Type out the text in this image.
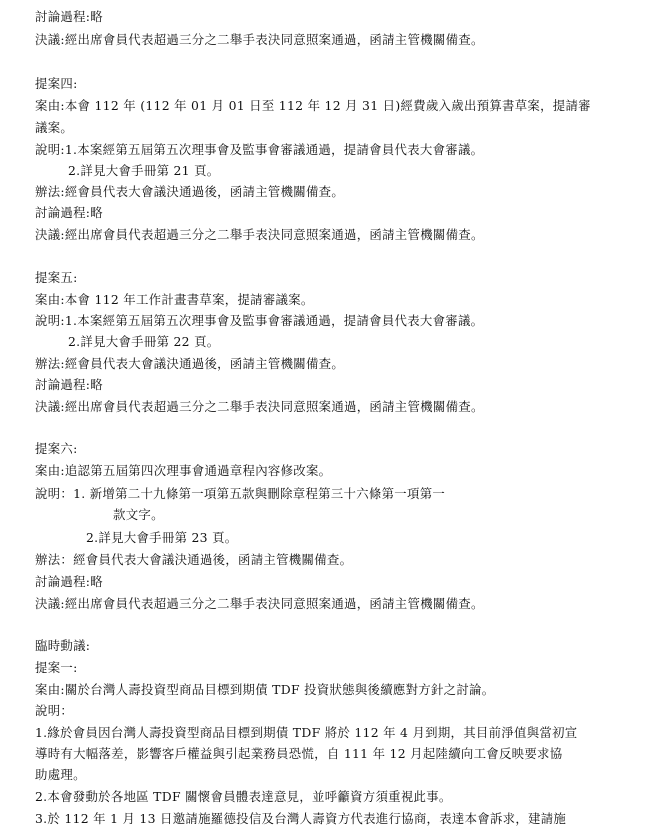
討論過程:略
決議:經出席會員代表超過三分之二舉手表決同意照案通過，函請主管機關備查。
提案四:
案由:本會 112 年 (112 年 01 月 01 日至 112 年 12 月 31 日)經費歲入歲出預算書草案，提請審
議案。
說明:1.本案經第五屆第五次理事會及監事會審議通過，提請會員代表大會審議。
2.詳見大會手冊第 21 頁。
辦法:經會員代表大會議決通過後，函請主管機關備查。
討論過程:略
決議:經出席會員代表超過三分之二舉手表決同意照案通過，函請主管機關備查。
提案五:
案由:本會 112 年工作計畫書草案，提請審議案。
說明:1.本案經第五屆第五次理事會及監事會審議通過，提請會員代表大會審議。
2.詳見大會手冊第 22 頁。
辦法:經會員代表大會議決通過後，函請主管機關備查。
討論過程:略
決議:經出席會員代表超過三分之二舉手表決同意照案通過，函請主管機關備查。
提案六:
案由:追認第五屆第四次理事會通過章程內容修改案。
說明：1. 新增第二十九條第一項第五款與刪除章程第三十六條第一項第一
款文字。
2.詳見大會手冊第 23 頁。
辦法：經會員代表大會議決通過後，函請主管機關備查。
討論過程:略
決議:經出席會員代表超過三分之二舉手表決同意照案通過，函請主管機關備查。
臨時動議:
提案一:
案由:關於台灣人壽投資型商品目標到期債 TDF 投資狀態與後續應對方針之討論。
說明：
1.緣於會員因台灣人壽投資型商品目標到期債 TDF 將於 112 年 4 月到期，其目前淨值與當初宣
導時有大幅落差，影響客戶權益與引起業務員恐慌，自 111 年 12 月起陸續向工會反映要求協
助處理。
2.本會發動於各地區 TDF 關懷會員體表達意見，並呼籲資方須重視此事。
3.於 112 年 1 月 13 日邀請施羅德投信及台灣人壽資方代表進行協商，表達本會訴求，建請施
